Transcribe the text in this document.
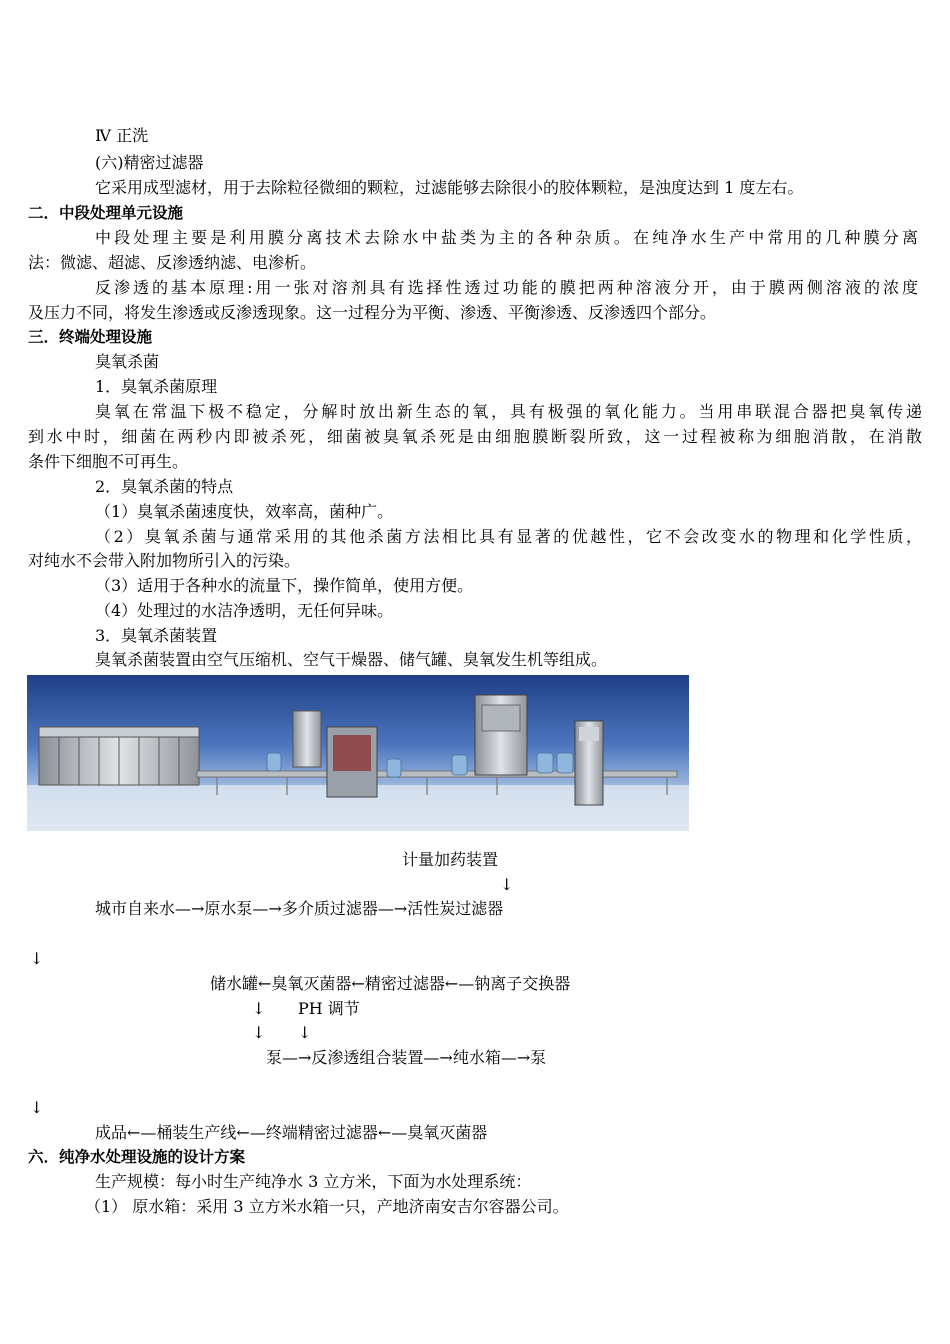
Ⅳ 正洗
(六)精密过滤器
它采用成型滤材，用于去除粒径微细的颗粒，过滤能够去除很小的胶体颗粒，是浊度达到 1 度左右。
二．中段处理单元设施
中段处理主要是利用膜分离技术去除水中盐类为主的各种杂质。在纯净水生产中常用的几种膜分离
法：微滤、超滤、反渗透纳滤、电渗析。
反渗透的基本原理:用一张对溶剂具有选择性透过功能的膜把两种溶液分开，由于膜两侧溶液的浓度
及压力不同，将发生渗透或反渗透现象。这一过程分为平衡、渗透、平衡渗透、反渗透四个部分。
三．终端处理设施
臭氧杀菌
1．臭氧杀菌原理
臭氧在常温下极不稳定，分解时放出新生态的氧，具有极强的氧化能力。当用串联混合器把臭氧传递
到水中时，细菌在两秒内即被杀死，细菌被臭氧杀死是由细胞膜断裂所致，这一过程被称为细胞消散，在消散
条件下细胞不可再生。
2．臭氧杀菌的特点
（1）臭氧杀菌速度快，效率高，菌种广。
（2）臭氧杀菌与通常采用的其他杀菌方法相比具有显著的优越性，它不会改变水的物理和化学性质，
对纯水不会带入附加物所引入的污染。
（3）适用于各种水的流量下，操作简单，使用方便。
（4）处理过的水洁净透明，无任何异味。
3．臭氧杀菌装置
臭氧杀菌装置由空气压缩机、空气干燥器、储气罐、臭氧发生机等组成。
计量加药装置
↓
城市自来水—→原水泵—→多介质过滤器—→活性炭过滤器
↓
储水罐←臭氧灭菌器←精密过滤器←—钠离子交换器
↓ PH 调节
↓ ↓
泵—→反渗透组合装置—→纯水箱—→泵
↓
成品←—桶装生产线←—终端精密过滤器←—臭氧灭菌器
六．纯净水处理设施的设计方案
生产规模：每小时生产纯净水 3 立方米，下面为水处理系统：
（1） 原水箱：采用 3 立方米水箱一只，产地济南安吉尔容器公司。
